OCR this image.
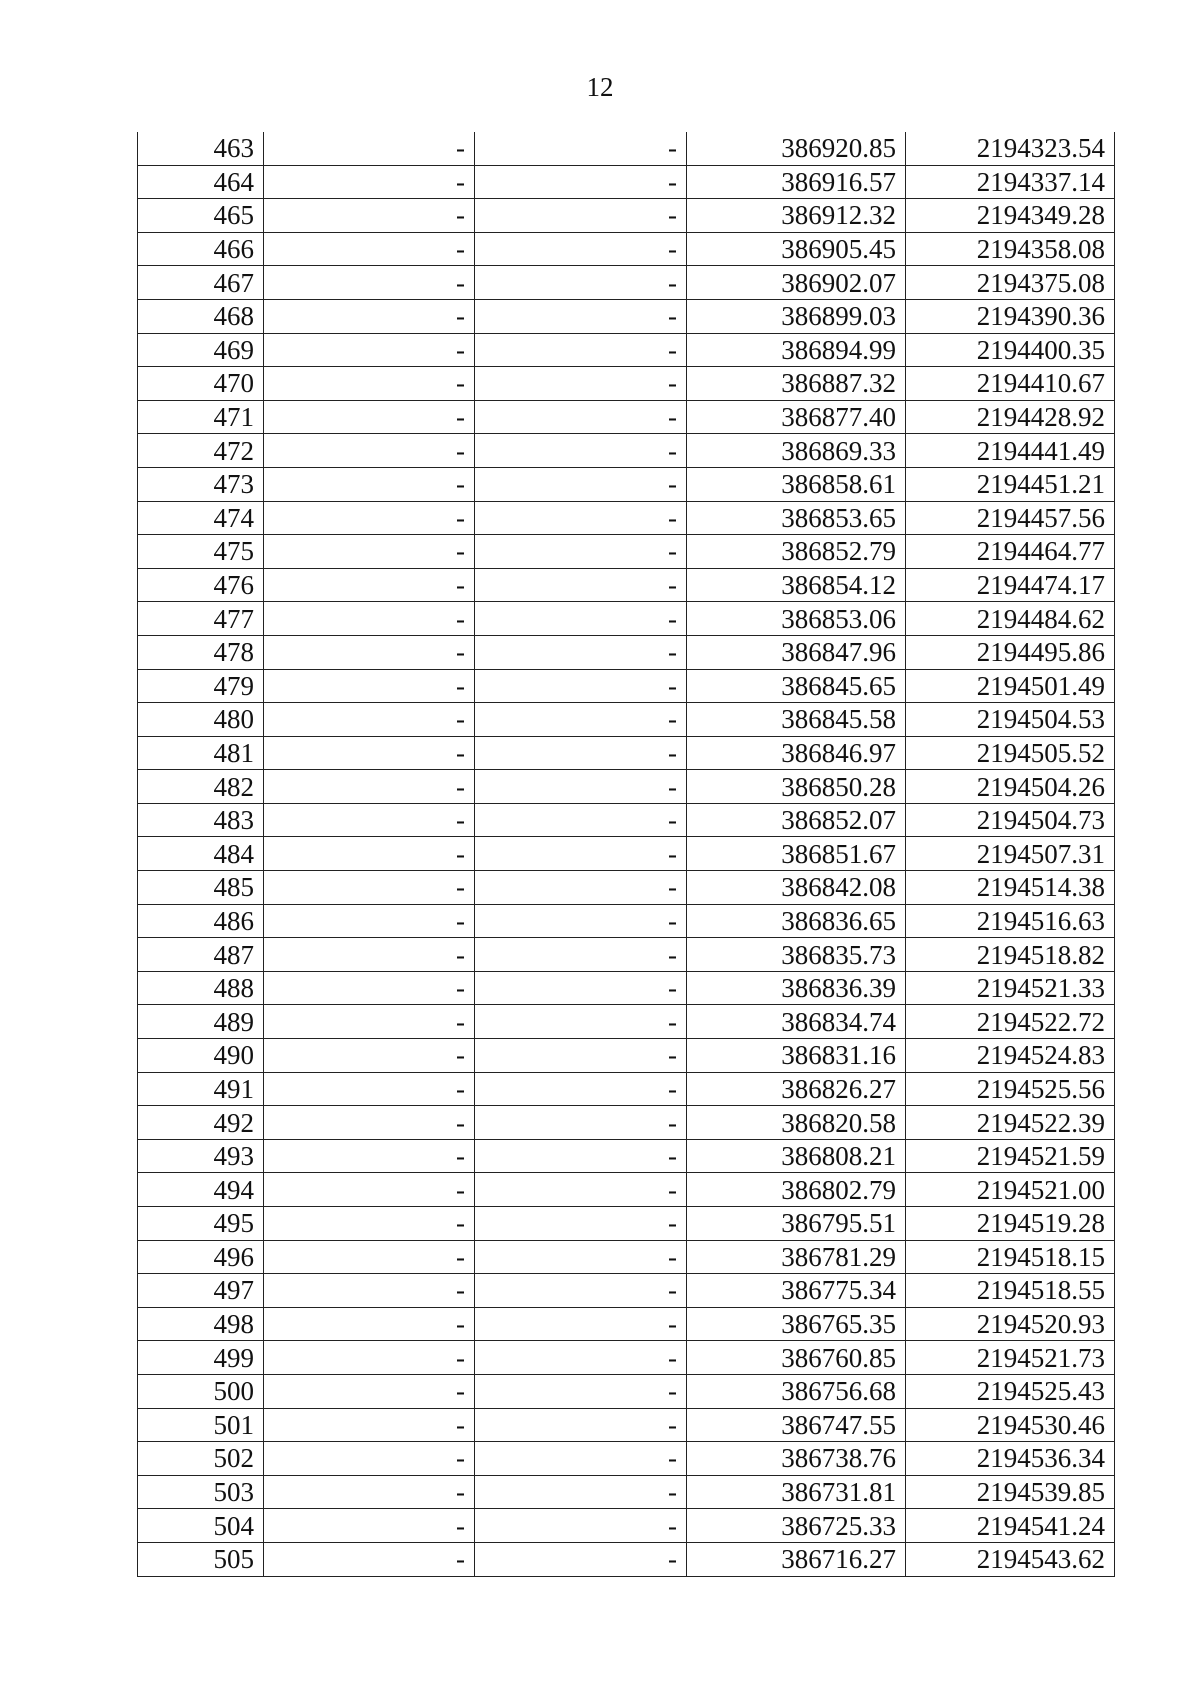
12
463	-	-	386920.85	2194323.54
464	-	-	386916.57	2194337.14
465	-	-	386912.32	2194349.28
466	-	-	386905.45	2194358.08
467	-	-	386902.07	2194375.08
468	-	-	386899.03	2194390.36
469	-	-	386894.99	2194400.35
470	-	-	386887.32	2194410.67
471	-	-	386877.40	2194428.92
472	-	-	386869.33	2194441.49
473	-	-	386858.61	2194451.21
474	-	-	386853.65	2194457.56
475	-	-	386852.79	2194464.77
476	-	-	386854.12	2194474.17
477	-	-	386853.06	2194484.62
478	-	-	386847.96	2194495.86
479	-	-	386845.65	2194501.49
480	-	-	386845.58	2194504.53
481	-	-	386846.97	2194505.52
482	-	-	386850.28	2194504.26
483	-	-	386852.07	2194504.73
484	-	-	386851.67	2194507.31
485	-	-	386842.08	2194514.38
486	-	-	386836.65	2194516.63
487	-	-	386835.73	2194518.82
488	-	-	386836.39	2194521.33
489	-	-	386834.74	2194522.72
490	-	-	386831.16	2194524.83
491	-	-	386826.27	2194525.56
492	-	-	386820.58	2194522.39
493	-	-	386808.21	2194521.59
494	-	-	386802.79	2194521.00
495	-	-	386795.51	2194519.28
496	-	-	386781.29	2194518.15
497	-	-	386775.34	2194518.55
498	-	-	386765.35	2194520.93
499	-	-	386760.85	2194521.73
500	-	-	386756.68	2194525.43
501	-	-	386747.55	2194530.46
502	-	-	386738.76	2194536.34
503	-	-	386731.81	2194539.85
504	-	-	386725.33	2194541.24
505	-	-	386716.27	2194543.62
